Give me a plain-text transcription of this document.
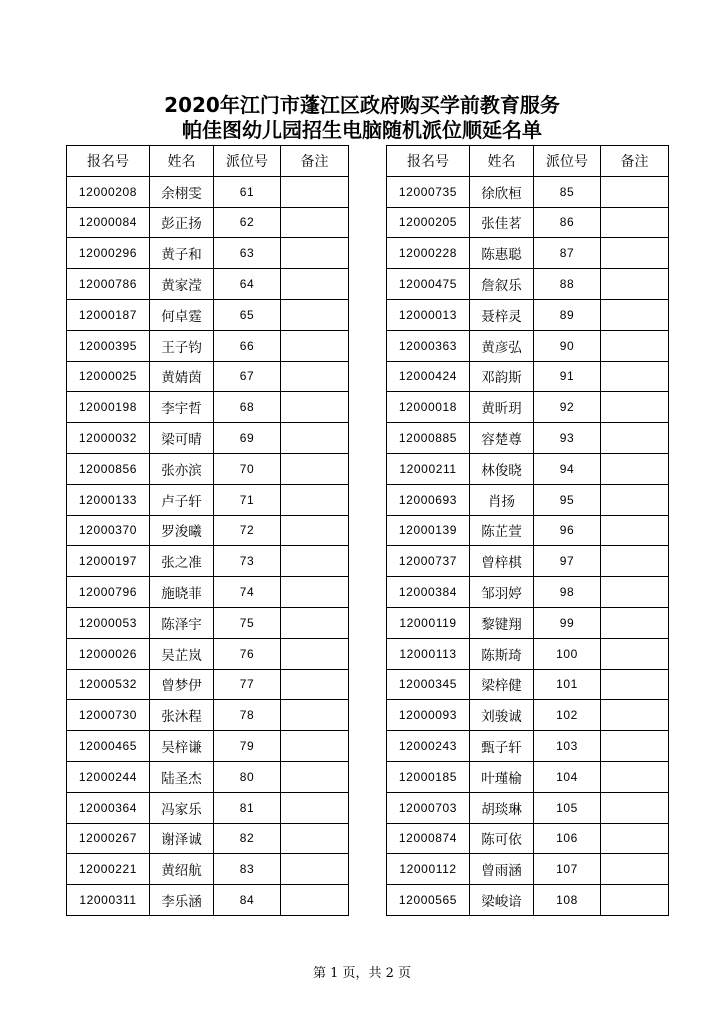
2020年江门市蓬江区政府购买学前教育服务
帕佳图幼儿园招生电脑随机派位顺延名单
报名号	姓名	派位号	备注
12000208	余栩雯	61	
12000084	彭正扬	62	
12000296	黄子和	63	
12000786	黄家滢	64	
12000187	何卓霆	65	
12000395	王子钧	66	
12000025	黄婧茵	67	
12000198	李宇哲	68	
12000032	梁可晴	69	
12000856	张亦滨	70	
12000133	卢子轩	71	
12000370	罗浚曦	72	
12000197	张之准	73	
12000796	施晓菲	74	
12000053	陈泽宇	75	
12000026	吴芷岚	76	
12000532	曾梦伊	77	
12000730	张沐程	78	
12000465	吴梓谦	79	
12000244	陆圣杰	80	
12000364	冯家乐	81	
12000267	谢泽诚	82	
12000221	黄绍航	83	
12000311	李乐涵	84	
报名号	姓名	派位号	备注
12000735	徐欣桓	85	
12000205	张佳茗	86	
12000228	陈惠聪	87	
12000475	詹叙乐	88	
12000013	聂梓灵	89	
12000363	黄彦弘	90	
12000424	邓韵斯	91	
12000018	黄昕玥	92	
12000885	容楚尊	93	
12000211	林俊晓	94	
12000693	肖扬	95	
12000139	陈芷萱	96	
12000737	曾梓棋	97	
12000384	邹羽婷	98	
12000119	黎键翔	99	
12000113	陈斯琦	100	
12000345	梁梓健	101	
12000093	刘骏诚	102	
12000243	甄子轩	103	
12000185	叶瑾榆	104	
12000703	胡琰琳	105	
12000874	陈可依	106	
12000112	曾雨涵	107	
12000565	梁峻谙	108	
第 1 页，共 2 页
